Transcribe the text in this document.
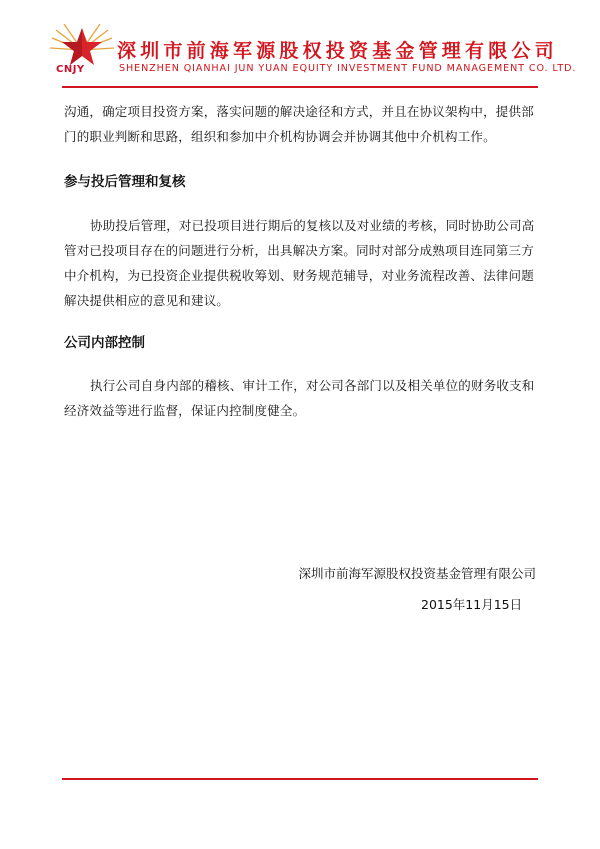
CNJY
深圳市前海军源股权投资基金管理有限公司
SHENZHEN QIANHAI JUN YUAN EQUITY INVESTMENT FUND MANAGEMENT CO. LTD.

沟通，确定项目投资方案，落实问题的解决途径和方式，并且在协议架构中，提供部门的职业判断和思路，组织和参加中介机构协调会并协调其他中介机构工作。

参与投后管理和复核

协助投后管理，对已投项目进行期后的复核以及对业绩的考核，同时协助公司高管对已投项目存在的问题进行分析，出具解决方案。同时对部分成熟项目连同第三方中介机构，为已投资企业提供税收筹划、财务规范辅导，对业务流程改善、法律问题解决提供相应的意见和建议。

公司内部控制

执行公司自身内部的稽核、审计工作，对公司各部门以及相关单位的财务收支和经济效益等进行监督，保证内控制度健全。

深圳市前海军源股权投资基金管理有限公司
2015年11月15日
